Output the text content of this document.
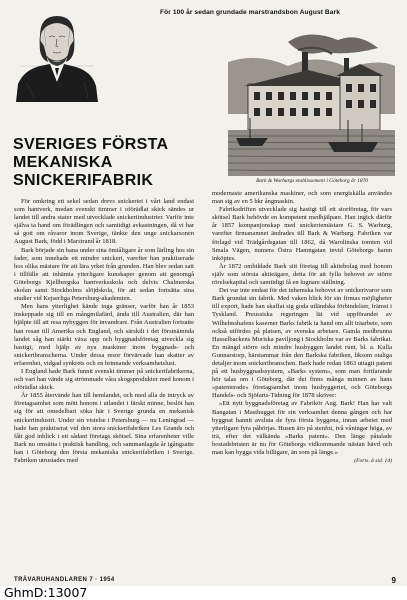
För 100 år sedan grundade marstrandsbon August Bark
Bark & Warburgs etablissement i Göteborg år 1870
SVERIGES FÖRSTA
MEKANISKA SNICKERIFABRIK

För omkring ett sekel sedan drevs snickeriet i vårt land endast som hantverk, medan svenskt timmer i oförädlat skick sändes ur landet till andra stater med utvecklade snickeriindustrier. Varför inte själva ta hand om förädlingen och samtidigt avkastningen, då vi har så gott om råvaror inom Sverige, tänkte den unge snickarsonen August Bark, född i Marstrand år 1818.

Bark började sin bana under sina ömtåligare år som lärling hos sin fader, som innehade ett mindre snickeri, varefter han praktiserade hos olika mästare för att lära yrket från grunden. Han blev sedan satt i tillfälle att inhämta ytterligare kunskaper genom att genomgå Göteborgs Kjellbergska hantverksskola och delvis Chalmerska skolan samt Stockholms slöjdskola, för att sedan fortsätta sina studier vid Kejserliga Petersburg-akademien.

Men hans ytterlighet kände inga gränser, varför han år 1853 inskeppade sig till en mångmilafärd, ända till Australien, där han hjälpte till att resa nybyggen för invandrare. Från Australien fortsatte han resan till Amerika och England, och särskilt i det förstnämnda landet såg han stärkt växa upp och byggnadsföretag utveckla sig hastigt, med hjälp av nya maskiner inom byggnads- och snickeribranscherna. Under dessa resor förvärvade han skatter av erfarenhet, vidgad synkrets och en brinnande verksamhetslust.

I England hade Bark funnit svenskt timmer på snickerifabrikerna, och vart han vände sig strömmade våra skogsprodukter med honom i oförädlat skick.

År 1855 återvände han till hemlandet, och med alla de intryck av företagsamhet som mött honom i utlandet i färskt minne, beslöt han sig för att omedelbart söka här i Sverige grunda en mekanisk snickeriindustri. Under sin vistelse i Petersburg — nu Leningrad — hade han praktiserat vid den stora snickerifabriken Les Grands och fått god inblick i ett sådant företags skötsel. Sina erfarenheter ville Bark nu omsätta i praktisk handling, och sammanlagda år igångsatte han i Göteborg den första mekaniska snickerifabriken i Sverige. Fabriken utrustades med

modernaste amerikanska maskiner, och som energiskälla användes man sig av en 5 hkr ångmaskin.

Fabriksdriften utvecklade sig hastigt till ett storföretag, för vars skötsel Bark behövde en kompetent medhjälpare. Han ingick därför år 1857 kompanjonskap med snickeriemästare G. S. Warburg, varefter firmanamnet ändrades till Bark & Warburg. Fabriken var förlagd vid Trädgårdsgatan till 1862, då Warolinska tomten vid Smala Vägen, numera Östra Hamngatan invid Göteborgs hamn inköptes.

År 1872 ombildade Bark sitt företag till aktiebolag med honom själv som största aktieägare, detta för att fylla behovet av större rörelsekapital och samtidigt få en lugnare ställning.

Det var inte endast för det inhemska behovet av snickerivaror som Bark grundat sin fabrik. Med vaken blick för sin firmas möjligheter till export, hade han skaffat sig goda utländska förbindelser, främst i Tyskland. Preussiska regeringen lät vid uppförandet av Wilhelmshafens kaserner Barks fabrik ta hand om allt träarbete, som också utfördes på platsen, av svenska arbetare. Gamla medbrunna Hasselbackens Moriska paviljong i Stockholm var av Barks fabrikat. En mängd större och mindre husbyggen landet runt, bl. a. Kulla Gunnarstorp, härstammar från den Barkska fabriken, liksom otaliga detaljer inom snickeribranschen. Bark hade redan 1863 uttagit patent på ett husbyggnadssystem, »Barks system», som man fortfarande hör talas om i Göteborg, där det finns många minnen av hans »patenterade» företagsamhet inom husbyggeriet, och Göteborgs Handels- och Sjöfarts-Tidning för 1878 skriver:

»Ett nytt byggnadsföretag av Fabrikör Aug. Bark! Han har valt Bangatan i Masthugget för sin verksamhet denna gången och har byggnat hannit avsluta de fyra första byggena, innan arbetet med ytterligare fyra påbörjas. Husen äro på stenfot, två våningar höga, av trä, efter det välkända »Barks patent». Den länge påtalade bostadsbristen är nu för Göteborgs vidkommande nästan hävd och man kan bygga vida billigare, än som på länge.»

(Forts. å sid. 14)

TRÄVARUHANDLAREN 7 · 1954	9
GhmD:13007
